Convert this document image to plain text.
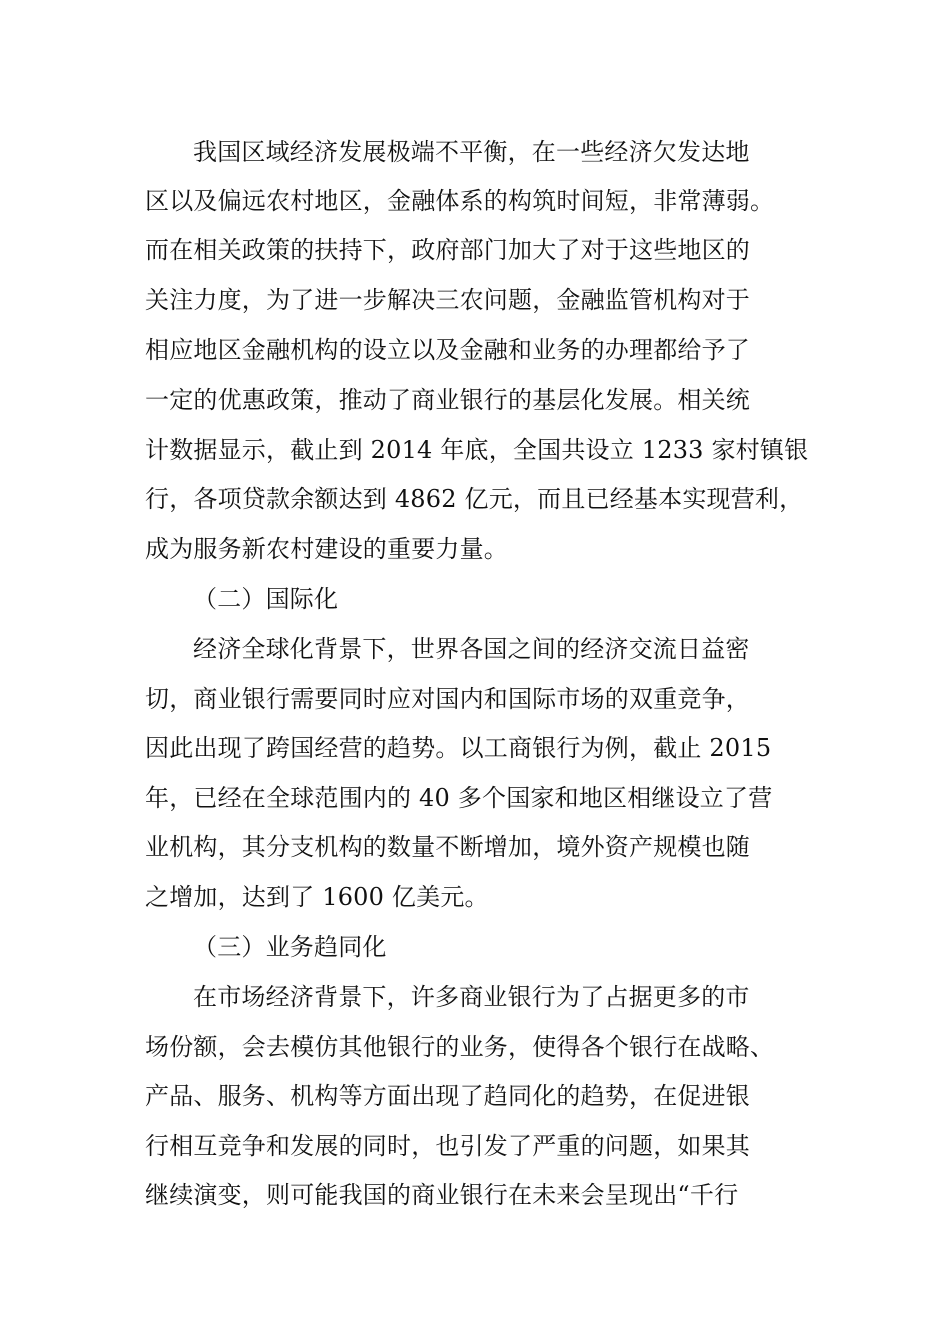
我国区域经济发展极端不平衡，在一些经济欠发达地
区以及偏远农村地区，金融体系的构筑时间短，非常薄弱。
而在相关政策的扶持下，政府部门加大了对于这些地区的
关注力度，为了进一步解决三农问题，金融监管机构对于
相应地区金融机构的设立以及金融和业务的办理都给予了
一定的优惠政策，推动了商业银行的基层化发展。相关统
计数据显示，截止到 2014 年底，全国共设立 1233 家村镇银
行，各项贷款余额达到 4862 亿元，而且已经基本实现营利，
成为服务新农村建设的重要力量。
（二）国际化
经济全球化背景下，世界各国之间的经济交流日益密
切，商业银行需要同时应对国内和国际市场的双重竞争，
因此出现了跨国经营的趋势。以工商银行为例，截止 2015
年，已经在全球范围内的 40 多个国家和地区相继设立了营
业机构，其分支机构的数量不断增加，境外资产规模也随
之增加，达到了 1600 亿美元。
（三）业务趋同化
在市场经济背景下，许多商业银行为了占据更多的市
场份额，会去模仿其他银行的业务，使得各个银行在战略、
产品、服务、机构等方面出现了趋同化的趋势，在促进银
行相互竞争和发展的同时，也引发了严重的问题，如果其
继续演变，则可能我国的商业银行在未来会呈现出“千行
